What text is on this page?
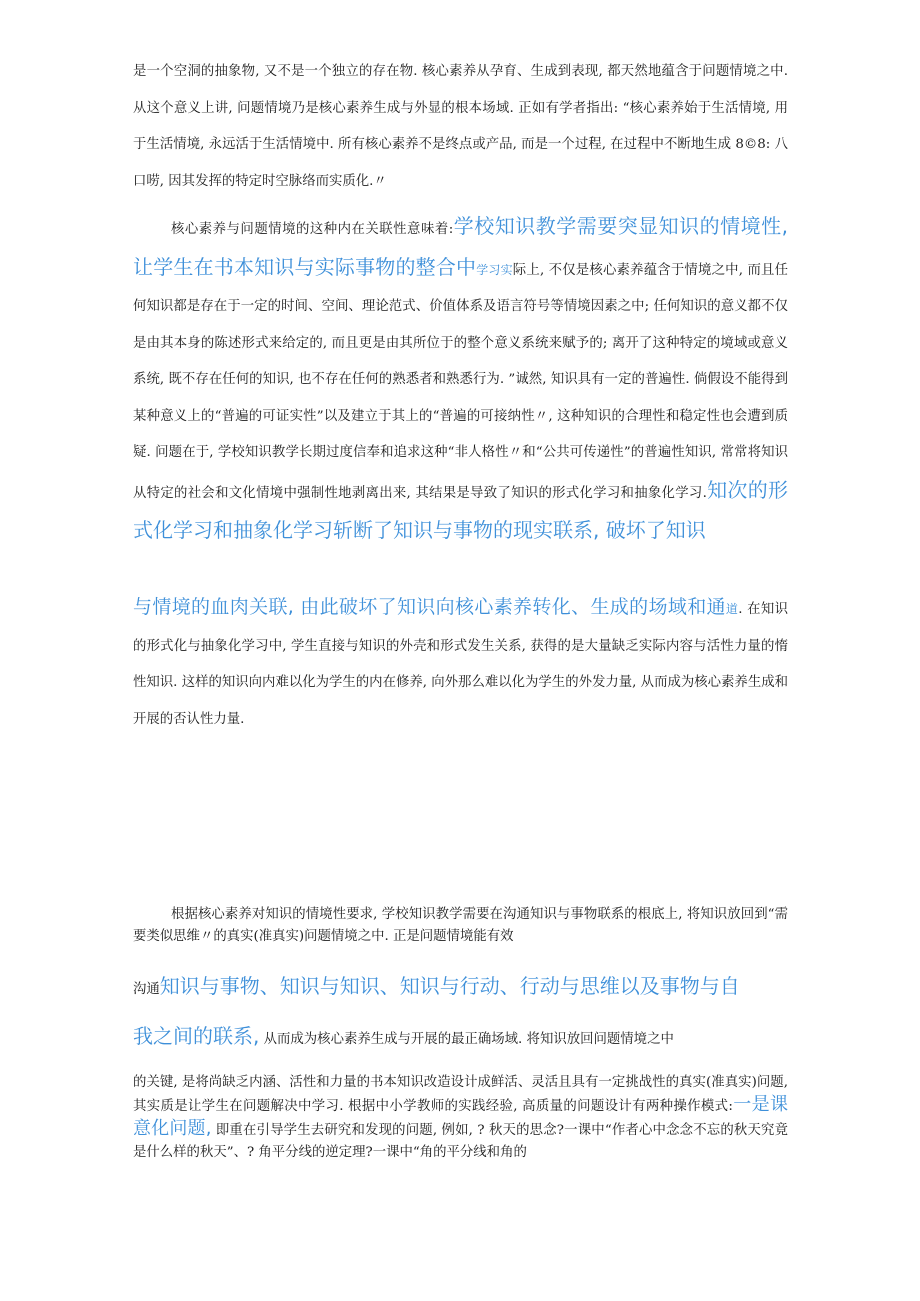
是一个空洞的抽象物, 又不是一个独立的存在物. 核心素养从孕育、生成到表现, 都天然地蕴含于问题情境之中. 从这个意义上讲, 问题情境乃是核心素养生成与外显的根本场域. 正如有学者指出: “核心素养始于生活情境, 用于生活情境, 永远活于生活情境中. 所有核心素养不是终点或产品, 而是一个过程, 在过程中不断地生成 8©8: 八口唠, 因其发挥的特定时空脉络而实质化.〃

核心素养与问题情境的这种内在关联性意味着:学校知识教学需要突显知识的情境性, 让学生在书本知识与实际事物的整合中学习实际上, 不仅是核心素养蕴含于情境之中, 而且任何知识都是存在于一定的时间、空间、理论范式、价值体系及语言符号等情境因素之中; 任何知识的意义都不仅是由其本身的陈述形式来给定的, 而且更是由其所位于的整个意义系统来赋予的; 离开了这种特定的境域或意义系统, 既不存在任何的知识, 也不存在任何的熟悉者和熟悉行为. ”诚然, 知识具有一定的普遍性. 倘假设不能得到某种意义上的“普遍的可证实性”以及建立于其上的“普遍的可接纳性〃, 这种知识的合理性和稳定性也会遭到质疑. 问题在于, 学校知识教学长期过度信奉和追求这种“非人格性〃和“公共可传递性”的普遍性知识, 常常将知识从特定的社会和文化情境中强制性地剥离出来, 其结果是导致了知识的形式化学习和抽象化学习.知次的形式化学习和抽象化学习斩断了知识与事物的现实联系, 破坏了知识

与情境的血肉关联, 由此破坏了知识向核心素养转化、生成的场域和通道. 在知识的形式化与抽象化学习中, 学生直接与知识的外壳和形式发生关系, 获得的是大量缺乏实际内容与活性力量的惰性知识. 这样的知识向内难以化为学生的内在修养, 向外那么难以化为学生的外发力量, 从而成为核心素养生成和开展的否认性力量.

根据核心素养对知识的情境性要求, 学校知识教学需要在沟通知识与事物联系的根底上, 将知识放回到“需要类似思维〃的真实(准真实)问题情境之中. 正是问题情境能有效
沟通知识与事物、知识与知识、知识与行动、行动与思维以及事物与自
我之间的联系, 从而成为核心素养生成与开展的最正确场域. 将知识放回问题情境之中
的关键, 是将尚缺乏内涵、活性和力量的书本知识改造设计成鲜活、灵活且具有一定挑战性的真实(准真实)问题, 其实质是让学生在问题解决中学习. 根据中小学教师的实践经验, 高质量的问题设计有两种操作模式:一是课意化问题, 即重在引导学生去研究和发现的问题, 例如, ? 秋天的思念?一课中“作者心中念念不忘的秋天究竟是什么样的秋天”、? 角平分线的逆定理?一课中“角的平分线和角的
